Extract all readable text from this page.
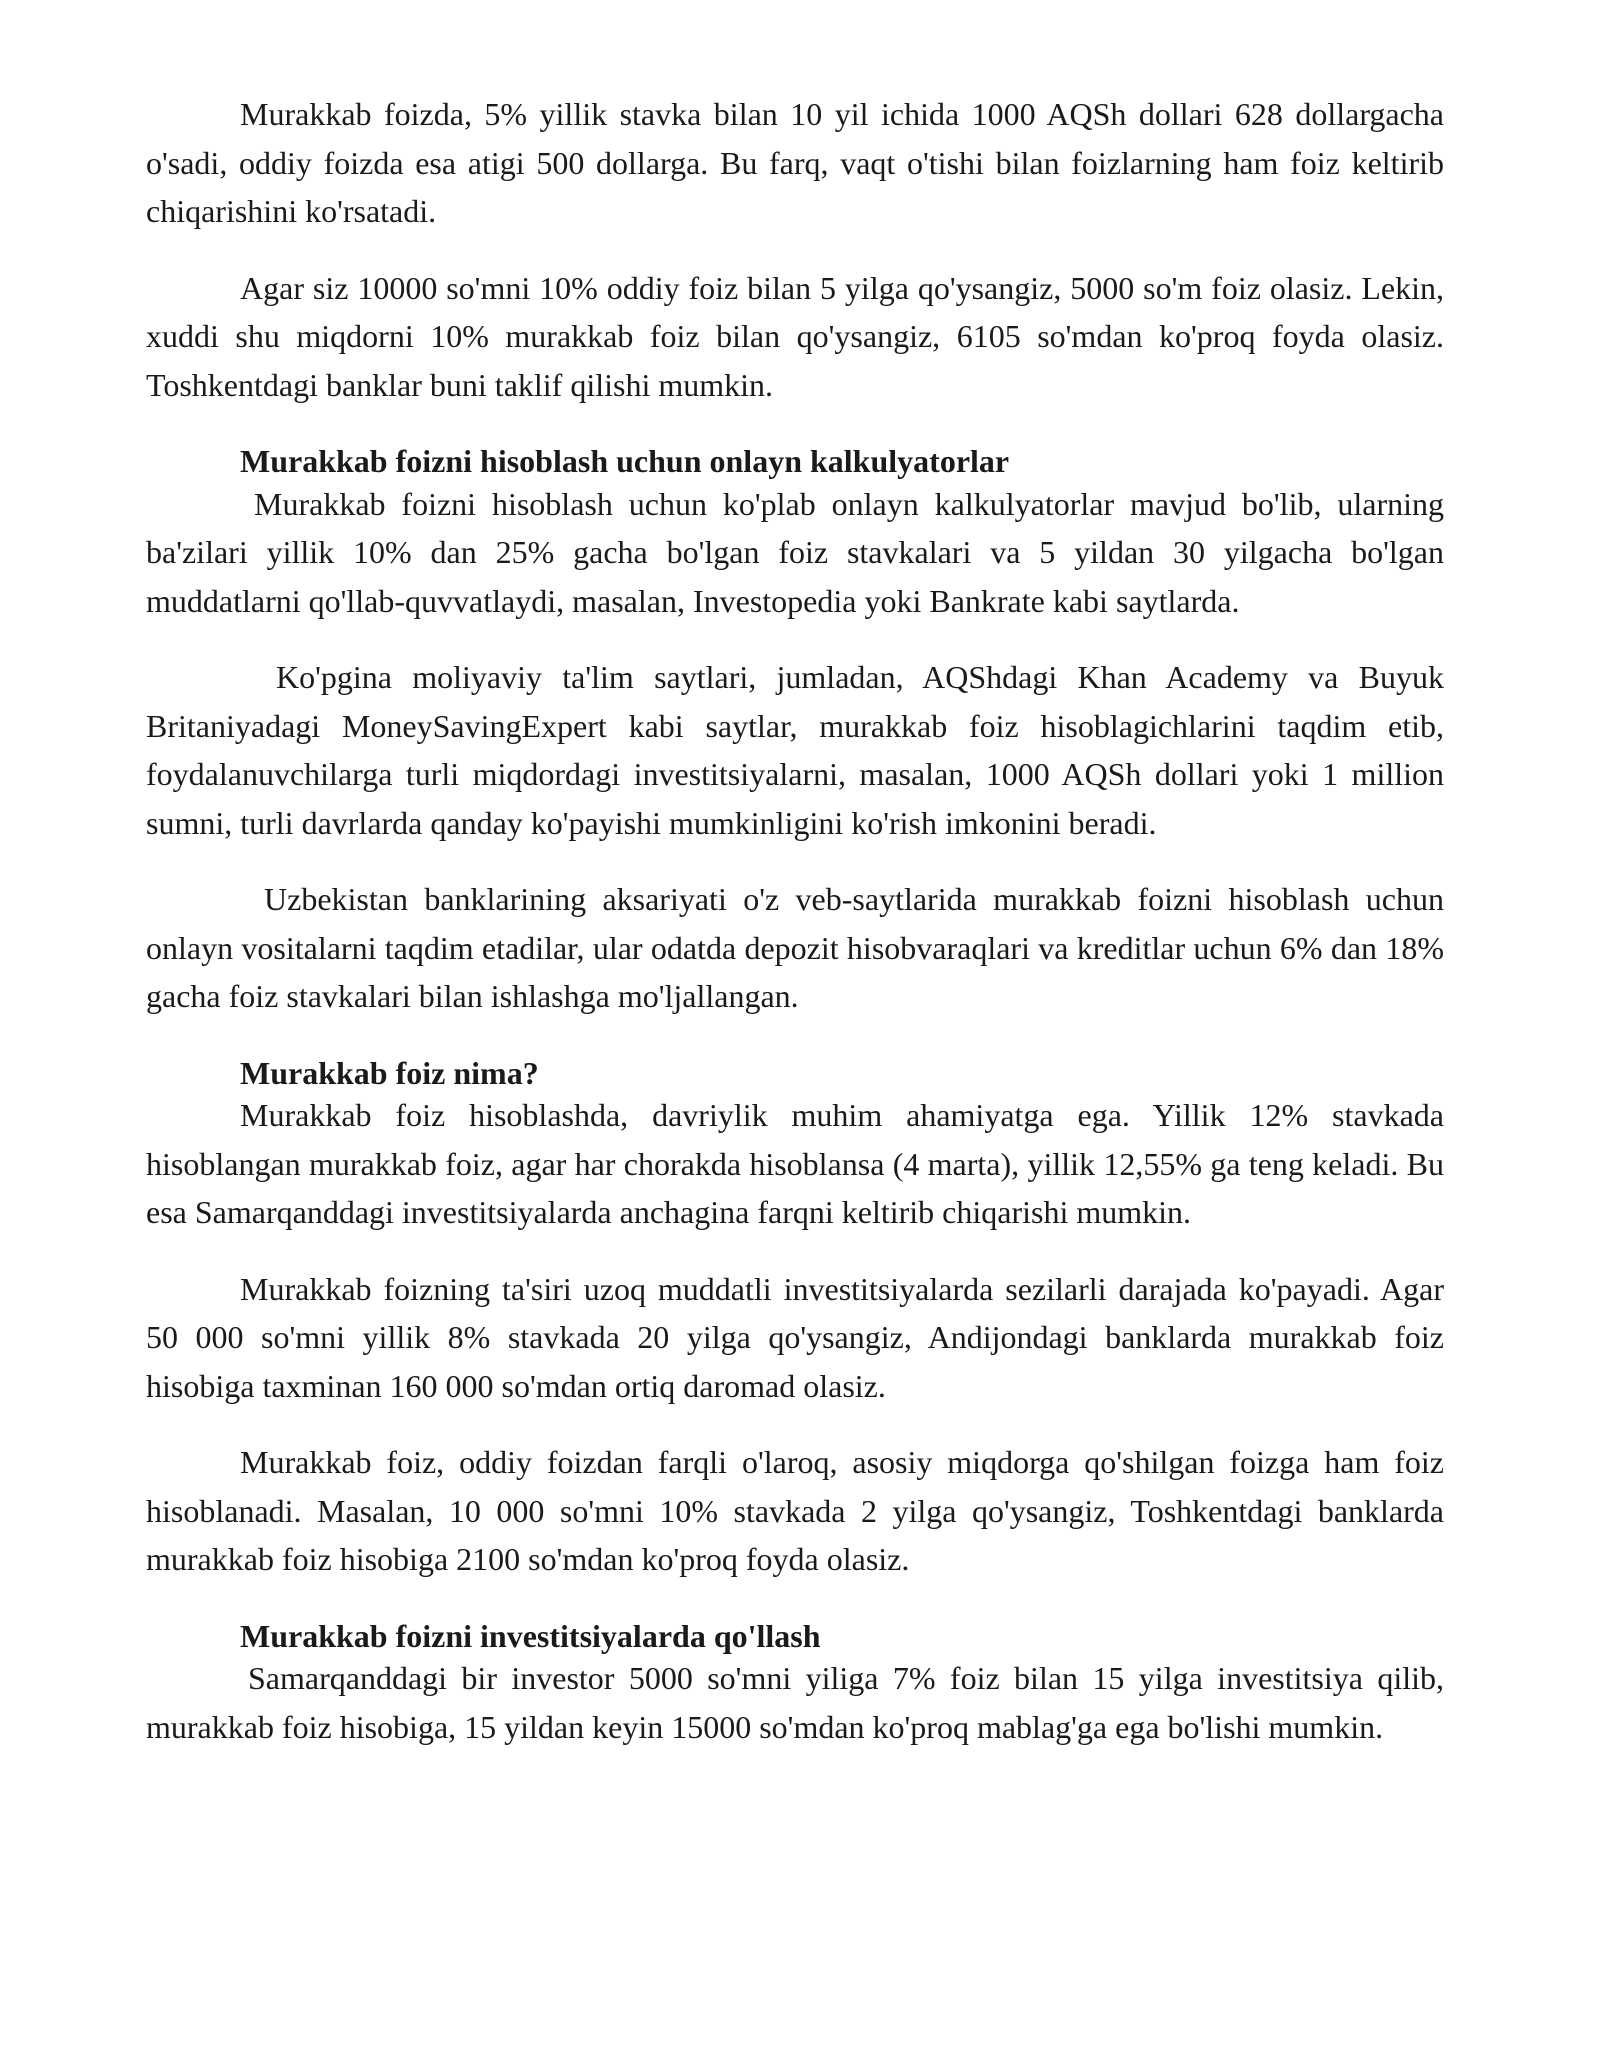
Murakkab foizda, 5% yillik stavka bilan 10 yil ichida 1000 AQSh dollari 628 dollargacha o'sadi, oddiy foizda esa atigi 500 dollarga. Bu farq, vaqt o'tishi bilan foizlarning ham foiz keltirib chiqarishini ko'rsatadi.

Agar siz 10000 so'mni 10% oddiy foiz bilan 5 yilga qo'ysangiz, 5000 so'm foiz olasiz. Lekin, xuddi shu miqdorni 10% murakkab foiz bilan qo'ysangiz, 6105 so'mdan ko'proq foyda olasiz. Toshkentdagi banklar buni taklif qilishi mumkin.

Murakkab foizni hisoblash uchun onlayn kalkulyatorlar

Murakkab foizni hisoblash uchun ko'plab onlayn kalkulyatorlar mavjud bo'lib, ularning ba'zilari yillik 10% dan 25% gacha bo'lgan foiz stavkalari va 5 yildan 30 yilgacha bo'lgan muddatlarni qo'llab-quvvatlaydi, masalan, Investopedia yoki Bankrate kabi saytlarda.

Ko'pgina moliyaviy ta'lim saytlari, jumladan, AQShdagi Khan Academy va Buyuk Britaniyadagi MoneySavingExpert kabi saytlar, murakkab foiz hisoblagichlarini taqdim etib, foydalanuvchilarga turli miqdordagi investitsiyalarni, masalan, 1000 AQSh dollari yoki 1 million sumni, turli davrlarda qanday ko'payishi mumkinligini ko'rish imkonini beradi.

Uzbekistan banklarining aksariyati o'z veb-saytlarida murakkab foizni hisoblash uchun onlayn vositalarni taqdim etadilar, ular odatda depozit hisobvaraqlari va kreditlar uchun 6% dan 18% gacha foiz stavkalari bilan ishlashga mo'ljallangan.

Murakkab foiz nima?

Murakkab foiz hisoblashda, davriylik muhim ahamiyatga ega. Yillik 12% stavkada hisoblangan murakkab foiz, agar har chorakda hisoblansa (4 marta), yillik 12,55% ga teng keladi. Bu esa Samarqanddagi investitsiyalarda anchagina farqni keltirib chiqarishi mumkin.

Murakkab foizning ta'siri uzoq muddatli investitsiyalarda sezilarli darajada ko'payadi. Agar 50 000 so'mni yillik 8% stavkada 20 yilga qo'ysangiz, Andijondagi banklarda murakkab foiz hisobiga taxminan 160 000 so'mdan ortiq daromad olasiz.

Murakkab foiz, oddiy foizdan farqli o'laroq, asosiy miqdorga qo'shilgan foizga ham foiz hisoblanadi. Masalan, 10 000 so'mni 10% stavkada 2 yilga qo'ysangiz, Toshkentdagi banklarda murakkab foiz hisobiga 2100 so'mdan ko'proq foyda olasiz.

Murakkab foizni investitsiyalarda qo'llash

Samarqanddagi bir investor 5000 so'mni yiliga 7% foiz bilan 15 yilga investitsiya qilib, murakkab foiz hisobiga, 15 yildan keyin 15000 so'mdan ko'proq mablag'ga ega bo'lishi mumkin.
